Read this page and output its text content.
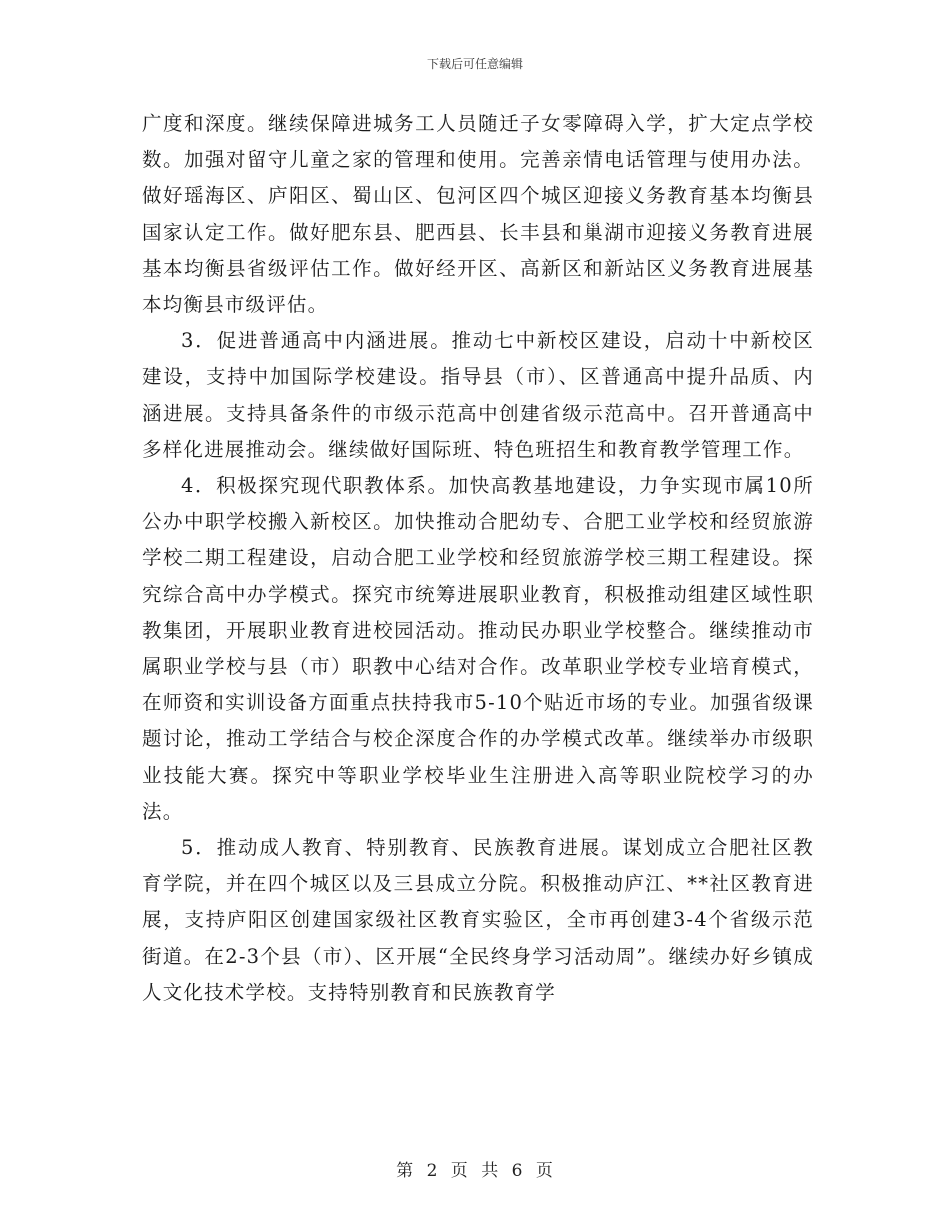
下载后可任意编辑

广度和深度。继续保障进城务工人员随迁子女零障碍入学，扩大定点学校数。加强对留守儿童之家的管理和使用。完善亲情电话管理与使用办法。做好瑶海区、庐阳区、蜀山区、包河区四个城区迎接义务教育基本均衡县国家认定工作。做好肥东县、肥西县、长丰县和巢湖市迎接义务教育进展基本均衡县省级评估工作。做好经开区、高新区和新站区义务教育进展基本均衡县市级评估。

3．促进普通高中内涵进展。推动七中新校区建设，启动十中新校区建设，支持中加国际学校建设。指导县（市）、区普通高中提升品质、内涵进展。支持具备条件的市级示范高中创建省级示范高中。召开普通高中多样化进展推动会。继续做好国际班、特色班招生和教育教学管理工作。

4．积极探究现代职教体系。加快高教基地建设，力争实现市属10所公办中职学校搬入新校区。加快推动合肥幼专、合肥工业学校和经贸旅游学校二期工程建设，启动合肥工业学校和经贸旅游学校三期工程建设。探究综合高中办学模式。探究市统筹进展职业教育，积极推动组建区域性职教集团，开展职业教育进校园活动。推动民办职业学校整合。继续推动市属职业学校与县（市）职教中心结对合作。改革职业学校专业培育模式，在师资和实训设备方面重点扶持我市5-10个贴近市场的专业。加强省级课题讨论，推动工学结合与校企深度合作的办学模式改革。继续举办市级职业技能大赛。探究中等职业学校毕业生注册进入高等职业院校学习的办法。

5．推动成人教育、特别教育、民族教育进展。谋划成立合肥社区教育学院，并在四个城区以及三县成立分院。积极推动庐江、**社区教育进展，支持庐阳区创建国家级社区教育实验区，全市再创建3-4个省级示范街道。在2-3个县（市）、区开展“全民终身学习活动周”。继续办好乡镇成人文化技术学校。支持特别教育和民族教育学

第 2 页 共 6 页
